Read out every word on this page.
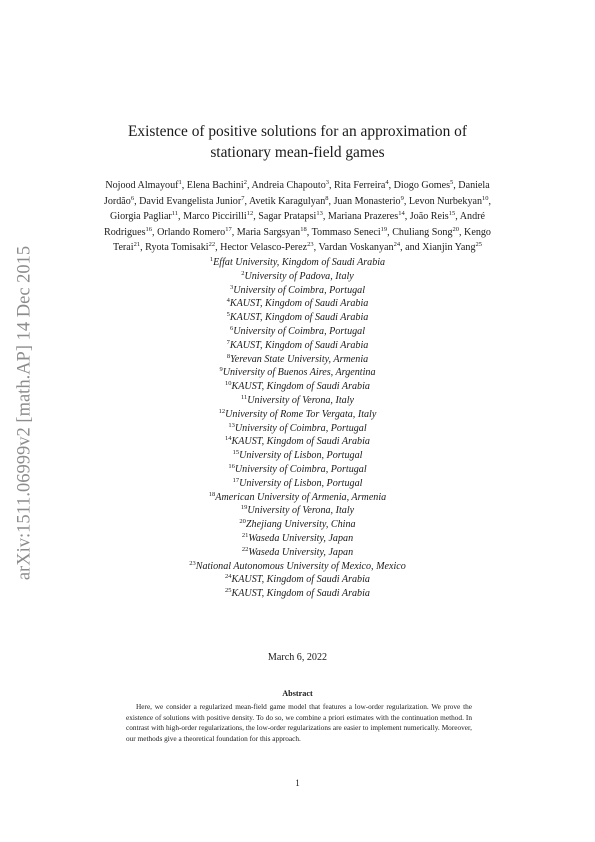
arXiv:1511.06999v2 [math.AP] 14 Dec 2015
Existence of positive solutions for an approximation of
stationary mean-field games
Nojood Almayouf$^1$, Elena Bachini$^2$, Andreia Chapouto$^3$, Rita Ferreira$^4$, Diogo Gomes$^5$, Daniela Jordão$^6$, David Evangelista Junior$^7$, Avetik Karagulyan$^8$, Juan Monasterio$^9$, Levon Nurbekyan$^{10}$, Giorgia Pagliar$^{11}$, Marco Piccirilli$^{12}$, Sagar Pratapsi$^{13}$, Mariana Prazeres$^{14}$, João Reis$^{15}$, André Rodrigues$^{16}$, Orlando Romero$^{17}$, Maria Sargsyan$^{18}$, Tommaso Seneci$^{19}$, Chuliang Song$^{20}$, Kengo Terai$^{21}$, Ryota Tomisaki$^{22}$, Hector Velasco-Perez$^{23}$, Vardan Voskanyan$^{24}$, and Xianjin Yang$^{25}$
$^1$Effat University, Kingdom of Saudi Arabia
$^2$University of Padova, Italy
$^3$University of Coimbra, Portugal
$^4$KAUST, Kingdom of Saudi Arabia
$^5$KAUST, Kingdom of Saudi Arabia
$^6$University of Coimbra, Portugal
$^7$KAUST, Kingdom of Saudi Arabia
$^8$Yerevan State University, Armenia
$^9$University of Buenos Aires, Argentina
$^{10}$KAUST, Kingdom of Saudi Arabia
$^{11}$University of Verona, Italy
$^{12}$University of Rome Tor Vergata, Italy
$^{13}$University of Coimbra, Portugal
$^{14}$KAUST, Kingdom of Saudi Arabia
$^{15}$University of Lisbon, Portugal
$^{16}$University of Coimbra, Portugal
$^{17}$University of Lisbon, Portugal
$^{18}$American University of Armenia, Armenia
$^{19}$University of Verona, Italy
$^{20}$Zhejiang University, China
$^{21}$Waseda University, Japan
$^{22}$Waseda University, Japan
$^{23}$National Autonomous University of Mexico, Mexico
$^{24}$KAUST, Kingdom of Saudi Arabia
$^{25}$KAUST, Kingdom of Saudi Arabia
March 6, 2022
Abstract
Here, we consider a regularized mean-field game model that features a low-order regularization. We prove the existence of solutions with positive density. To do so, we combine a priori estimates with the continuation method. In contrast with high-order regularizations, the low-order regularizations are easier to implement numerically. Moreover, our methods give a theoretical foundation for this approach.
1
